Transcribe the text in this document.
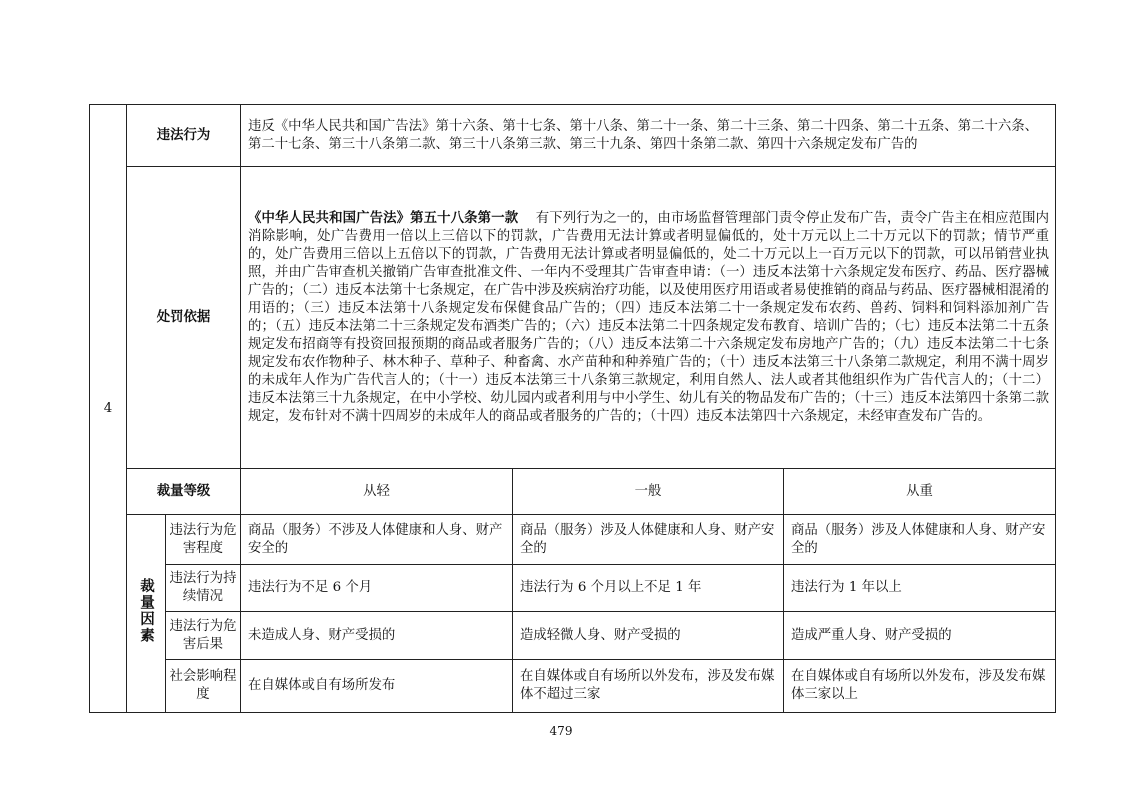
4	违法行为		违反《中华人民共和国广告法》第十六条、第十七条、第十八条、第二十一条、第二十三条、第二十四条、第二十五条、第二十六条、第二十七条、第三十八条第二款、第三十八条第三款、第三十九条、第四十条第二款、第四十六条规定发布广告的		
	处罚依据		《中华人民共和国广告法》第五十八条第一款 有下列行为之一的，由市场监督管理部门责令停止发布广告，责令广告主在相应范围内消除影响，处广告费用一倍以上三倍以下的罚款，广告费用无法计算或者明显偏低的，处十万元以上二十万元以下的罚款；情节严重的，处广告费用三倍以上五倍以下的罚款，广告费用无法计算或者明显偏低的，处二十万元以上一百万元以下的罚款，可以吊销营业执照，并由广告审查机关撤销广告审查批准文件、一年内不受理其广告审查申请：（一）违反本法第十六条规定发布医疗、药品、医疗器械广告的；（二）违反本法第十七条规定，在广告中涉及疾病治疗功能，以及使用医疗用语或者易使推销的商品与药品、医疗器械相混淆的用语的；（三）违反本法第十八条规定发布保健食品广告的；（四）违反本法第二十一条规定发布农药、兽药、饲料和饲料添加剂广告的；（五）违反本法第二十三条规定发布酒类广告的；（六）违反本法第二十四条规定发布教育、培训广告的；（七）违反本法第二十五条规定发布招商等有投资回报预期的商品或者服务广告的；（八）违反本法第二十六条规定发布房地产广告的；（九）违反本法第二十七条规定发布农作物种子、林木种子、草种子、种畜禽、水产苗种和种养殖广告的；（十）违反本法第三十八条第二款规定，利用不满十周岁的未成年人作为广告代言人的；（十一）违反本法第三十八条第三款规定，利用自然人、法人或者其他组织作为广告代言人的；（十二）违反本法第三十九条规定，在中小学校、幼儿园内或者利用与中小学生、幼儿有关的物品发布广告的；（十三）违反本法第四十条第二款规定，发布针对不满十四周岁的未成年人的商品或者服务的广告的；（十四）违反本法第四十六条规定，未经审查发布广告的。		
	裁量等级		从轻	一般	从重
	裁量因素	违法行为危害程度	商品（服务）不涉及人体健康和人身、财产安全的	商品（服务）涉及人体健康和人身、财产安全的	商品（服务）涉及人体健康和人身、财产安全的
		违法行为持续情况	违法行为不足 6 个月	违法行为 6 个月以上不足 1 年	违法行为 1 年以上
		违法行为危害后果	未造成人身、财产受损的	造成轻微人身、财产受损的	造成严重人身、财产受损的
		社会影响程度	在自媒体或自有场所发布	在自媒体或自有场所以外发布，涉及发布媒体不超过三家	在自媒体或自有场所以外发布，涉及发布媒体三家以上
479
